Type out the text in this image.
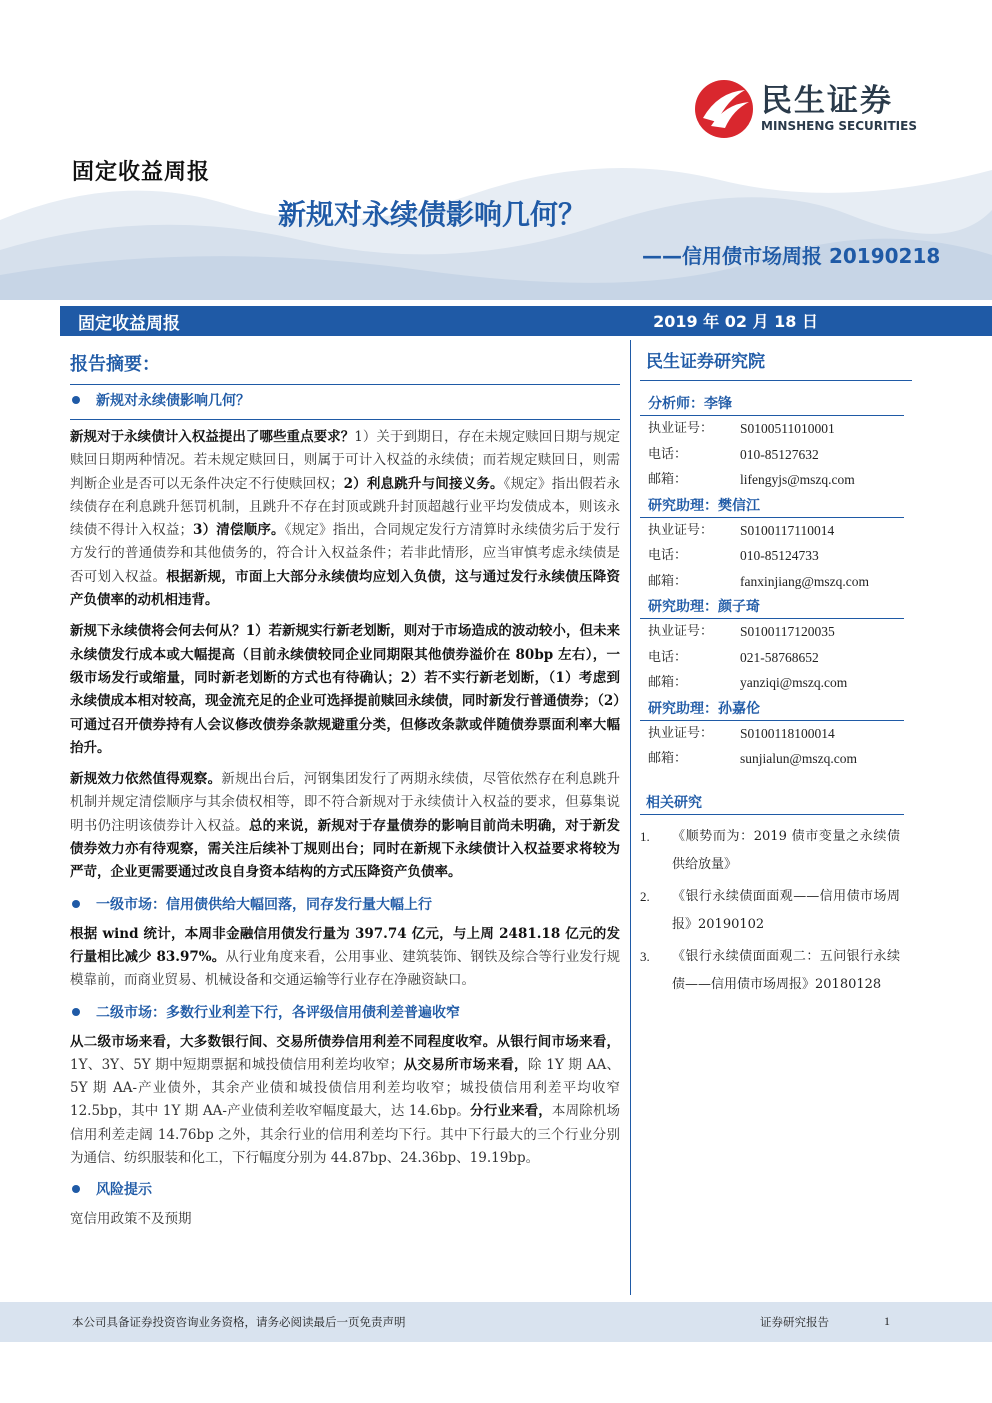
民生证券
MINSHENG SECURITIES
固定收益周报
新规对永续债影响几何？
——信用债市场周报 20190218
固定收益周报	2019 年 02 月 18 日
报告摘要：
新规对永续债影响几何？

新规对于永续债计入权益提出了哪些重点要求？1）关于到期日，存在未规定赎回日期与规定赎回日期两种情况。若未规定赎回日，则属于可计入权益的永续债；而若规定赎回日，则需判断企业是否可以无条件决定不行使赎回权；2）利息跳升与间接义务。《规定》指出假若永续债存在利息跳升惩罚机制，且跳升不存在封顶或跳升封顶超越行业平均发债成本，则该永续债不得计入权益；3）清偿顺序。《规定》指出，合同规定发行方清算时永续债劣后于发行方发行的普通债券和其他债务的，符合计入权益条件；若非此情形，应当审慎考虑永续债是否可划入权益。根据新规，市面上大部分永续债均应划入负债，这与通过发行永续债压降资产负债率的动机相违背。

新规下永续债将会何去何从？1）若新规实行新老划断，则对于市场造成的波动较小，但未来永续债发行成本或大幅提高（目前永续债较同企业同期限其他债券溢价在 80bp 左右），一级市场发行或缩量，同时新老划断的方式也有待确认；2）若不实行新老划断，（1）考虑到永续债成本相对较高，现金流充足的企业可选择提前赎回永续债，同时新发行普通债券；（2）可通过召开债券持有人会议修改债券条款规避重分类，但修改条款或伴随债券票面利率大幅抬升。

新规效力依然值得观察。新规出台后，河钢集团发行了两期永续债，尽管依然存在利息跳升机制并规定清偿顺序与其余债权相等，即不符合新规对于永续债计入权益的要求，但募集说明书仍注明该债券计入权益。总的来说，新规对于存量债券的影响目前尚未明确，对于新发债券效力亦有待观察，需关注后续补丁规则出台；同时在新规下永续债计入权益要求将较为严苛，企业更需要通过改良自身资本结构的方式压降资产负债率。

一级市场：信用债供给大幅回落，同存发行量大幅上行

根据 wind 统计，本周非金融信用债发行量为 397.74 亿元，与上周 2481.18 亿元的发行量相比减少 83.97%。从行业角度来看，公用事业、建筑装饰、钢铁及综合等行业发行规模靠前，而商业贸易、机械设备和交通运输等行业存在净融资缺口。

二级市场：多数行业利差下行，各评级信用债利差普遍收窄

从二级市场来看，大多数银行间、交易所债券信用利差不同程度收窄。从银行间市场来看，1Y、3Y、5Y 期中短期票据和城投债信用利差均收窄；从交易所市场来看，除 1Y 期 AA、5Y 期 AA-产业债外，其余产业债和城投债信用利差均收窄；城投债信用利差平均收窄 12.5bp，其中 1Y 期 AA-产业债利差收窄幅度最大，达 14.6bp。分行业来看，本周除机场信用利差走阔 14.76bp 之外，其余行业的信用利差均下行。其中下行最大的三个行业分别为通信、纺织服装和化工，下行幅度分别为 44.87bp、24.36bp、19.19bp。

风险提示

宽信用政策不及预期

民生证券研究院
分析师：李锋
执业证号：	S0100511010001
电话：	010-85127632
邮箱：	lifengyjs@mszq.com
研究助理：樊信江
执业证号：	S0100117110014
电话：	010-85124733
邮箱：	fanxinjiang@mszq.com
研究助理：颜子琦
执业证号：	S0100117120035
电话：	021-58768652
邮箱：	yanziqi@mszq.com
研究助理：孙嘉伦
执业证号：	S0100118100014
邮箱：	sunjialun@mszq.com
相关研究
1.	《顺势而为：2019 债市变量之永续债供给放量》
2.	《银行永续债面面观——信用债市场周报》20190102
3.	《银行永续债面面观二：五问银行永续债——信用债市场周报》20180128
本公司具备证券投资咨询业务资格，请务必阅读最后一页免责声明	证券研究报告	1
